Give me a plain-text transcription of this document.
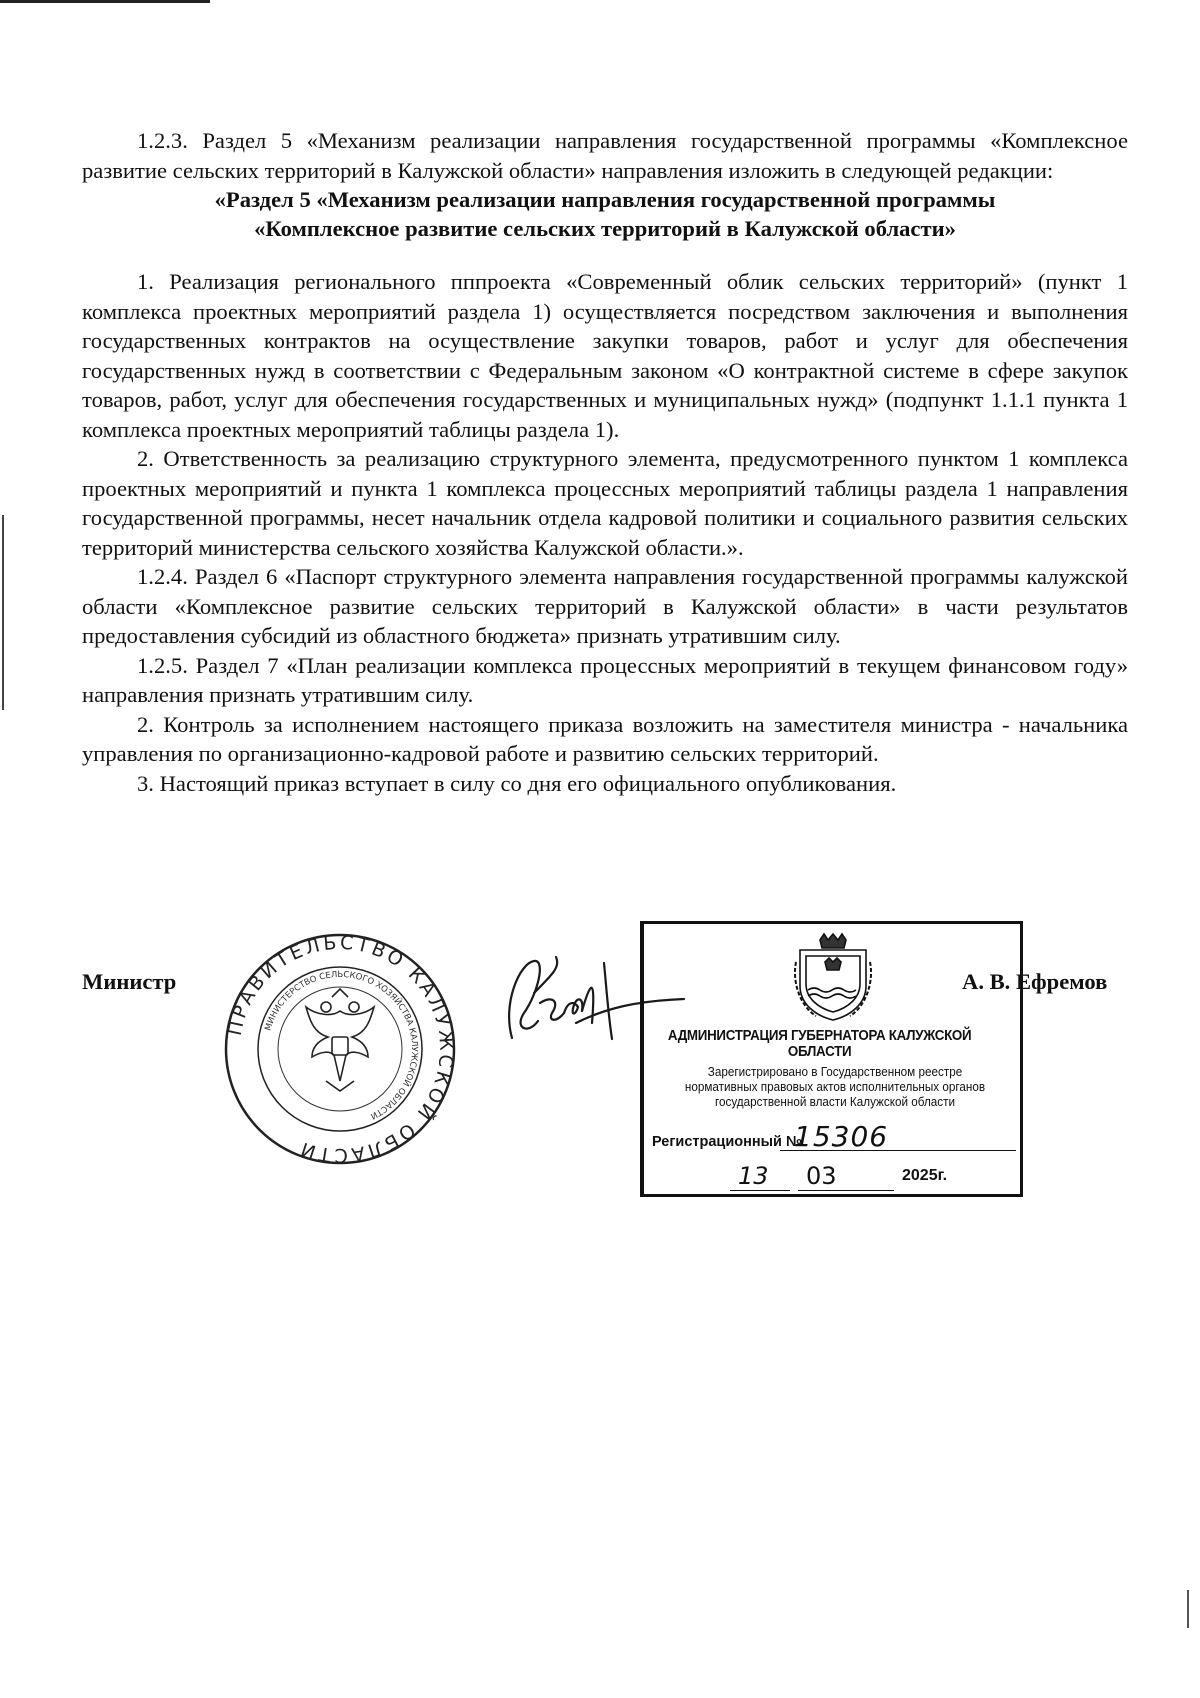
1.2.3. Раздел 5 «Механизм реализации направления государственной программы «Комплексное развитие сельских территорий в Калужской области» направления изложить в следующей редакции:

«Раздел 5 «Механизм реализации направления государственной программы
«Комплексное развитие сельских территорий в Калужской области»

1. Реализация регионального пппроекта «Современный облик сельских территорий» (пункт 1 комплекса проектных мероприятий раздела 1) осуществляется посредством заключения и выполнения государственных контрактов на осуществление закупки товаров, работ и услуг для обеспечения государственных нужд в соответствии с Федеральным законом «О контрактной системе в сфере закупок товаров, работ, услуг для обеспечения государственных и муниципальных нужд» (подпункт 1.1.1 пункта 1 комплекса проектных мероприятий таблицы раздела 1).

2. Ответственность за реализацию структурного элемента, предусмотренного пунктом 1 комплекса проектных мероприятий и пункта 1 комплекса процессных мероприятий таблицы раздела 1 направления государственной программы, несет начальник отдела кадровой политики и социального развития сельских территорий министерства сельского хозяйства Калужской области.».

1.2.4. Раздел 6 «Паспорт структурного элемента направления государственной программы калужской области «Комплексное развитие сельских территорий в Калужской области» в части результатов предоставления субсидий из областного бюджета» признать утратившим силу.

1.2.5. Раздел 7 «План реализации комплекса процессных мероприятий в текущем финансовом году» направления признать утратившим силу.

2. Контроль за исполнением настоящего приказа возложить на заместителя министра - начальника управления по организационно-кадровой работе и развитию сельских территорий.

3. Настоящий приказ вступает в силу со дня его официального опубликования.

Министр
ПРАВИТЕЛЬСТВО КАЛУЖСКОЙ ОБЛАСТИ
МИНИСТЕРСТВО СЕЛЬСКОГО ХОЗЯЙСТВА КАЛУЖСКОЙ ОБЛАСТИ
АДМИНИСТРАЦИЯ ГУБЕРНАТОРА КАЛУЖСКОЙ ОБЛАСТИ
Зарегистрировано в Государственном реестре нормативных правовых актов исполнительных органов государственной власти Калужской области
Регистрационный №
15306
13 03	2025г.
А. В. Ефремов
